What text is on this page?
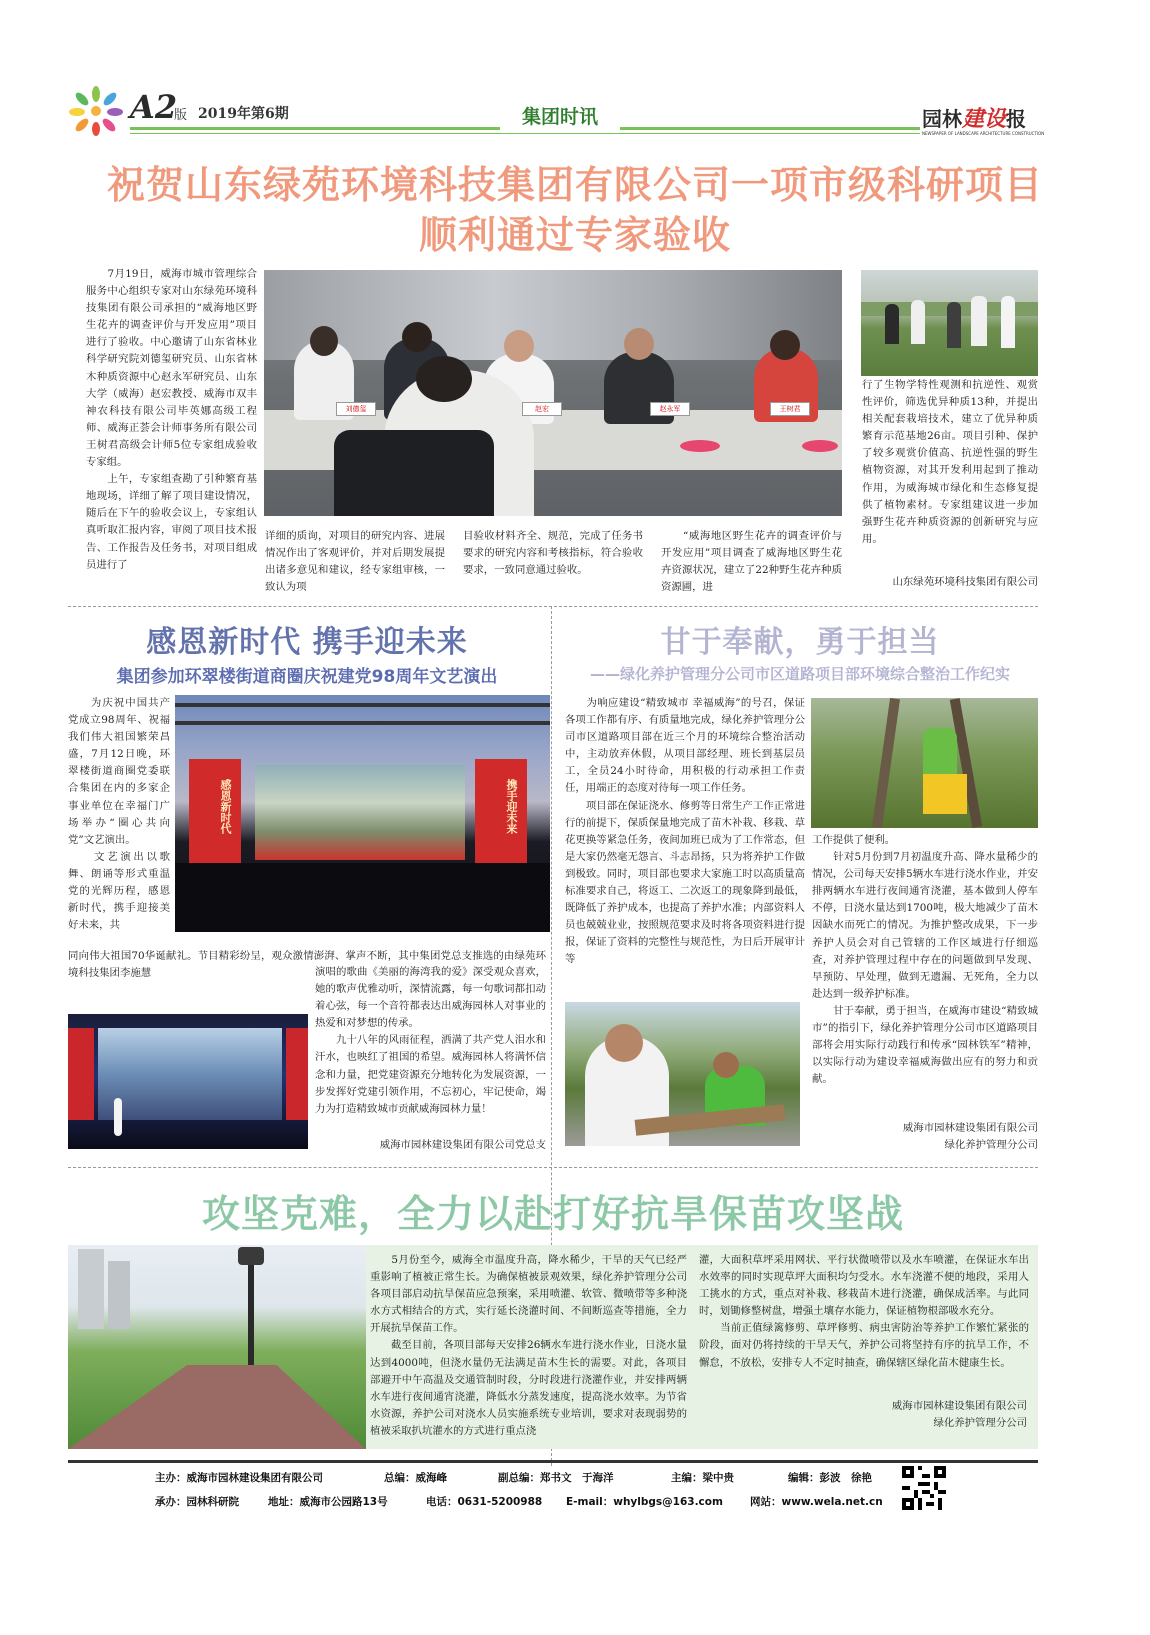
A2
版 2019年第6期	集团时讯	园林建设报
NEWSPAPER OF LANDSCAPE ARCHITECTURE CONSTRUCTION
祝贺山东绿苑环境科技集团有限公司一项市级科研项目
顺利通过专家验收
　　7月19日，威海市城市管理综合服务中心组织专家对山东绿苑环境科技集团有限公司承担的“威海地区野生花卉的调查评价与开发应用”项目进行了验收。中心邀请了山东省林业科学研究院刘德玺研究员、山东省林木种质资源中心赵永军研究员、山东大学（威海）赵宏教授、威海市双丰神农科技有限公司毕英娜高级工程师、威海正荟会计师事务所有限公司王树君高级会计师5位专家组成验收专家组。
　　上午，专家组查勘了引种繁育基地现场，详细了解了项目建设情况，随后在下午的验收会议上，专家组认真听取汇报内容，审阅了项目技术报告、工作报告及任务书，对项目组成员进行了
刘德玺	赵永军
赵宏	王树君
行了生物学特性观测和抗逆性、观赏性评价，筛选优异种质13种，并提出相关配套栽培技术，建立了优异种质繁育示范基地26亩。项目引种、保护了较多观赏价值高、抗逆性强的野生植物资源，对其开发利用起到了推动作用，为威海城市绿化和生态修复提供了植物素材。专家组建议进一步加强野生花卉种质资源的创新研究与应用。
详细的质询，对项目的研究内容、进展情况作出了客观评价，并对后期发展提出诸多意见和建议，经专家组审核，一致认为项
目验收材料齐全、规范，完成了任务书要求的研究内容和考核指标，符合验收要求，一致同意通过验收。
　　“威海地区野生花卉的调查评价与开发应用”项目调查了威海地区野生花卉资源状况，建立了22种野生花卉种质资源圃，进	山东绿苑环境科技集团有限公司
感恩新时代 携手迎未来
集团参加环翠楼街道商圈庆祝建党98周年文艺演出
　　为庆祝中国共产党成立98周年、祝福我们伟大祖国繁荣昌盛，7月12日晚，环翠楼街道商圈党委联合集团在内的多家企事业单位在幸福门广场举办“圈心共向党”文艺演出。
　　文艺演出以歌舞、朗诵等形式重温党的光辉历程，感恩新时代，携手迎接美好未来，共
感恩新时代	携手迎未来
同向伟大祖国70华诞献礼。节目精彩纷呈，观众激情澎湃、掌声不断，其中集团党总支推选的由绿苑环境科技集团李施慧	演唱的歌曲《美丽的海湾我的爱》深受观众喜欢，她的歌声优雅动听，深情流露，每一句歌词都扣动着心弦，每一个音符都表达出威海园林人对事业的热爱和对梦想的传承。
　　九十八年的风雨征程，洒满了共产党人泪水和汗水，也映红了祖国的希望。威海园林人将满怀信念和力量，把党建资源充分地转化为发展资源，一步发挥好党建引领作用，不忘初心，牢记使命，竭力为打造精致城市贡献威海园林力量！
威海市园林建设集团有限公司党总支
甘于奉献，勇于担当
——绿化养护管理分公司市区道路项目部环境综合整治工作纪实
　　为响应建设“精致城市 幸福威海”的号召，保证各项工作都有序、有质量地完成，绿化养护管理分公司市区道路项目部在近三个月的环境综合整治活动中，主动放弃休假，从项目部经理、班长到基层员工，全员24小时待命，用积极的行动承担工作责任，用端正的态度对待每一项工作任务。
　　项目部在保证浇水、修剪等日常生产工作正常进行的前提下，保质保量地完成了苗木补栽、移栽、草花更换等紧急任务，夜间加班已成为了工作常态，但是大家仍然毫无怨言、斗志昂扬，只为将养护工作做到极致。同时，项目部也要求大家施工时以高质量高标准要求自己，将返工、二次返工的现象降到最低，既降低了养护成本，也提高了养护水准；内部资料人员也兢兢业业，按照规范要求及时将各项资料进行提报，保证了资料的完整性与规范性，为日后开展审计等
工作提供了便利。
　　针对5月份到7月初温度升高、降水量稀少的情况，公司每天安排5辆水车进行浇水作业，并安排两辆水车进行夜间通宵浇灌，基本做到人停车不停，日浇水量达到1700吨，极大地减少了苗木因缺水而死亡的情况。为推护整改成果，下一步养护人员会对自己管辖的工作区域进行仔细巡查，对养护管理过程中存在的问题做到早发现、早预防、早处理，做到无遗漏、无死角，全力以赴达到一级养护标准。
　　甘于奉献，勇于担当，在威海市建设“精致城市”的指引下，绿化养护管理分公司市区道路项目部将会用实际行动践行和传承“园林铁军”精神，以实际行动为建设幸福威海做出应有的努力和贡献。
威海市园林建设集团有限公司
绿化养护管理分公司
攻坚克难，全力以赴打好抗旱保苗攻坚战
　　5月份至今，威海全市温度升高，降水稀少，干旱的天气已经严重影响了植被正常生长。为确保植被景观效果，绿化养护管理分公司各项目部启动抗旱保苗应急预案，采用喷灌、软管、微喷带等多种浇水方式相结合的方式，实行延长浇灌时间、不间断巡查等措施，全力开展抗旱保苗工作。
　　截至目前，各项目部每天安排26辆水车进行浇水作业，日浇水量达到4000吨，但浇水量仍无法满足苗木生长的需要。对此，各项目部避开中午高温及交通管制时段，分时段进行浇灌作业，并安排两辆水车进行夜间通宵浇灌，降低水分蒸发速度，提高浇水效率。为节省水资源，养护公司对浇水人员实施系统专业培训，要求对表现弱势的植被采取扒坑灌水的方式进行重点浇
灌，大面积草坪采用网状、平行状微喷带以及水车喷灌，在保证水车出水效率的同时实现草坪大面积均匀受水。水车浇灌不便的地段，采用人工挑水的方式，重点对补栽、移栽苗木进行浇灌，确保成活率。与此同时，划锄修整树盘，增强土壤存水能力，保证植物根部吸水充分。
　　当前正值绿篱修剪、草坪修剪、病虫害防治等养护工作繁忙紧张的阶段，面对仍将持续的干旱天气，养护公司将坚持有序的抗旱工作，不懈怠，不放松，安排专人不定时抽查，确保辖区绿化苗木健康生长。
威海市园林建设集团有限公司
绿化养护管理分公司
主办：威海市园林建设集团有限公司	总编：威海峰	副总编：郑书文　于海洋	主编：梁中贵	编辑：彭波　徐艳
承办：园林科研院	地址：威海市公园路13号	电话：0631-5200988 E-mail：whylbgs@163.com	网站：www.wela.net.cn
